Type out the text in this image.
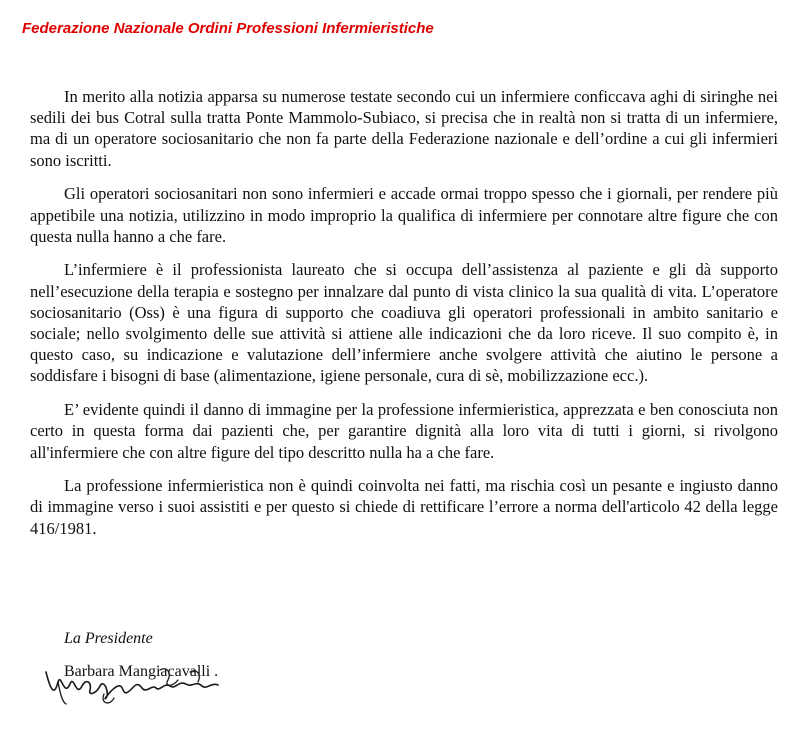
Federazione Nazionale Ordini Professioni Infermieristiche

In merito alla notizia apparsa su numerose testate secondo cui un infermiere conficcava aghi di siringhe nei sedili dei bus Cotral sulla tratta Ponte Mammolo-Subiaco, si precisa che in realtà non si tratta di un infermiere, ma di un operatore sociosanitario che non fa parte della Federazione nazionale e dell’ordine a cui gli infermieri sono iscritti.

Gli operatori sociosanitari non sono infermieri e accade ormai troppo spesso che i giornali, per rendere più appetibile una notizia, utilizzino in modo improprio la qualifica di infermiere per connotare altre figure che con questa nulla hanno a che fare.

L’infermiere è il professionista laureato che si occupa dell’assistenza al paziente e gli dà supporto nell’esecuzione della terapia e sostegno per innalzare dal punto di vista clinico la sua qualità di vita. L’operatore sociosanitario (Oss) è una figura di supporto che coadiuva gli operatori professionali in ambito sanitario e sociale; nello svolgimento delle sue attività si attiene alle indicazioni che da loro riceve. Il suo compito è, in questo caso, su indicazione e valutazione dell’infermiere anche svolgere attività che aiutino le persone a soddisfare i bisogni di base (alimentazione, igiene personale, cura di sè, mobilizzazione ecc.).

E’ evidente quindi il danno di immagine per la professione infermieristica, apprezzata e ben conosciuta non certo in questa forma dai pazienti che, per garantire dignità alla loro vita di tutti i giorni, si rivolgono all'infermiere che con altre figure del tipo descritto nulla ha a che fare.

La professione infermieristica non è quindi coinvolta nei fatti, ma rischia così un pesante e ingiusto danno di immagine verso i suoi assistiti e per questo si chiede di rettificare l’errore a norma dell'articolo 42 della legge 416/1981.

La Presidente
Barbara Mangiacavalli .
